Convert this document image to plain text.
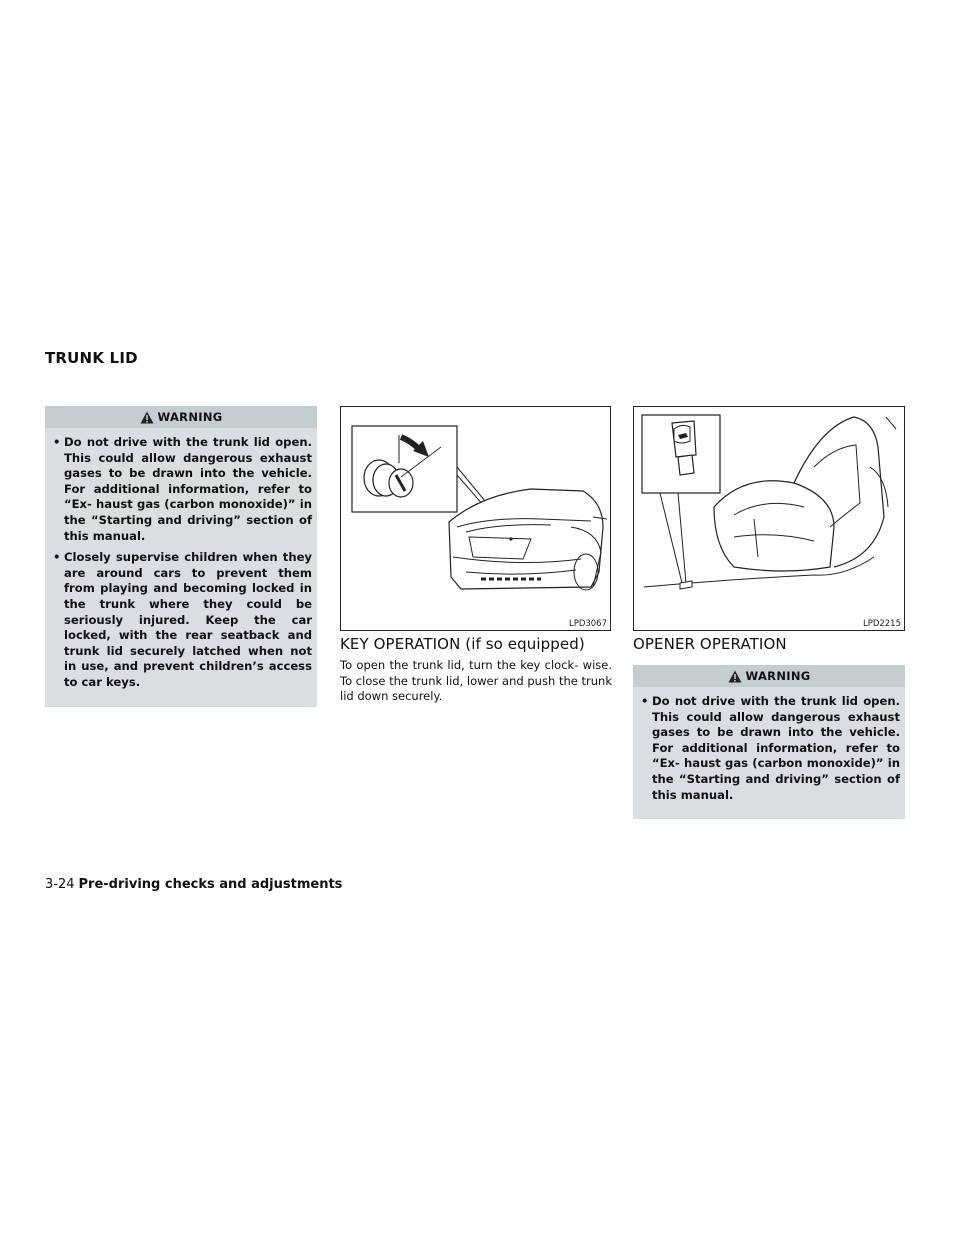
TRUNK LID
WARNING
• Do not drive with the trunk lid open. This could allow dangerous exhaust gases to be drawn into the vehicle. For additional information, refer to “Ex- haust gas (carbon monoxide)” in the “Starting and driving” section of this manual.
• Closely supervise children when they are around cars to prevent them from playing and becoming locked in the trunk where they could be seriously injured. Keep the car locked, with the rear seatback and trunk lid securely latched when not in use, and prevent children’s access to car keys.
LPD3067
KEY OPERATION (if so equipped)
To open the trunk lid, turn the key clock- wise. To close the trunk lid, lower and push the trunk lid down securely.
LPD2215
OPENER OPERATION
WARNING
• Do not drive with the trunk lid open. This could allow dangerous exhaust gases to be drawn into the vehicle. For additional information, refer to “Ex- haust gas (carbon monoxide)” in the “Starting and driving” section of this manual.
3-24 Pre-driving checks and adjustments
